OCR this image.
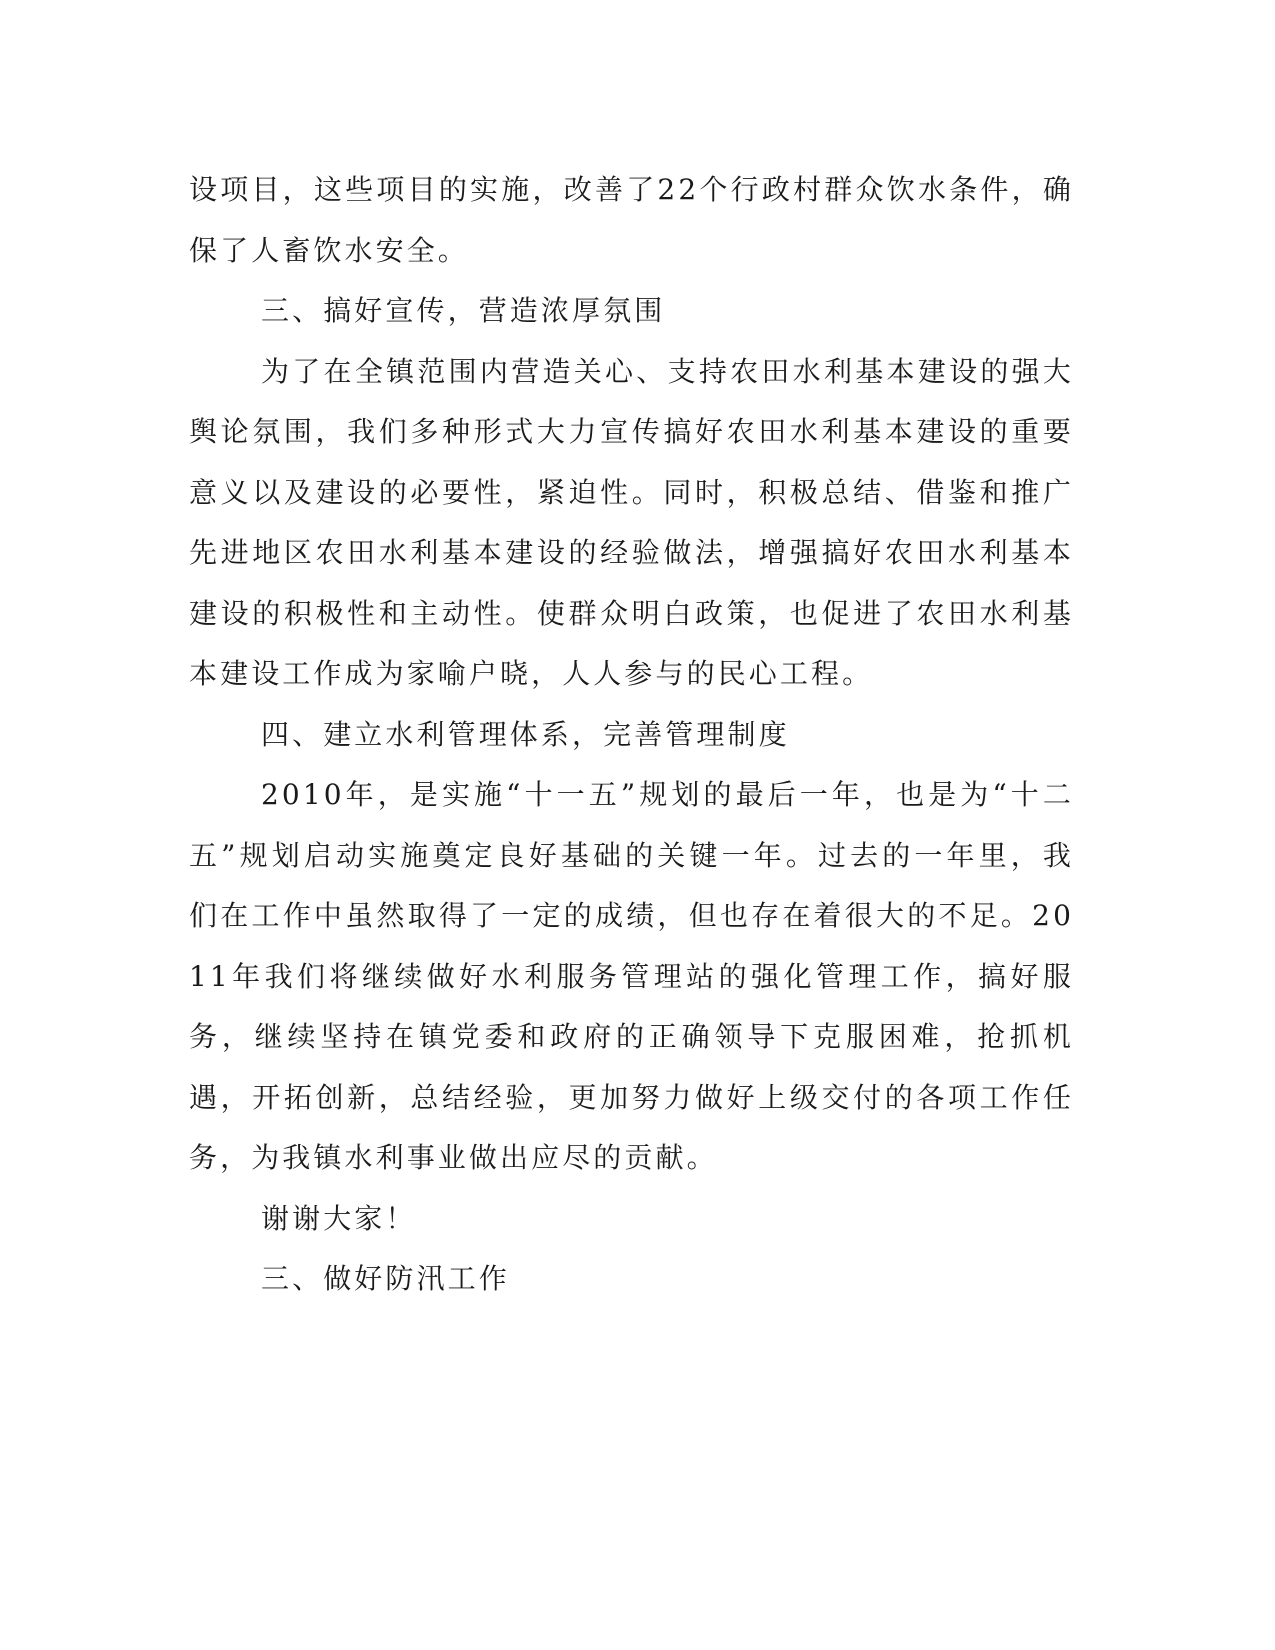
设项目，这些项目的实施，改善了22个行政村群众饮水条件，确保了人畜饮水安全。

三、搞好宣传，营造浓厚氛围

为了在全镇范围内营造关心、支持农田水利基本建设的强大舆论氛围，我们多种形式大力宣传搞好农田水利基本建设的重要意义以及建设的必要性，紧迫性。同时，积极总结、借鉴和推广先进地区农田水利基本建设的经验做法，增强搞好农田水利基本建设的积极性和主动性。使群众明白政策，也促进了农田水利基本建设工作成为家喻户晓，人人参与的民心工程。

四、建立水利管理体系，完善管理制度

2010年，是实施“十一五”规划的最后一年，也是为“十二五”规划启动实施奠定良好基础的关键一年。过去的一年里，我们在工作中虽然取得了一定的成绩，但也存在着很大的不足。2011年我们将继续做好水利服务管理站的强化管理工作，搞好服务，继续坚持在镇党委和政府的正确领导下克服困难，抢抓机遇，开拓创新，总结经验，更加努力做好上级交付的各项工作任务，为我镇水利事业做出应尽的贡献。

谢谢大家！

三、做好防汛工作
